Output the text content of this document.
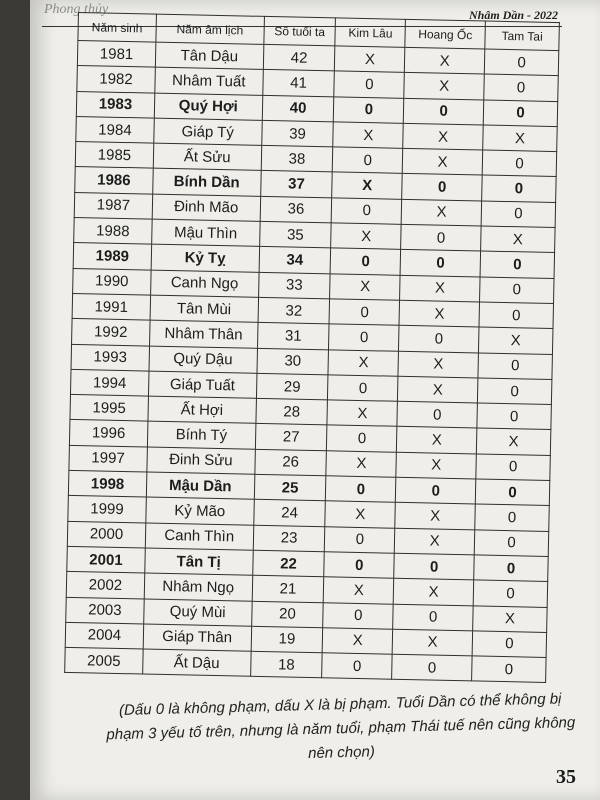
Phong thủy	Nhâm Dần - 2022
Năm sinh	Năm âm lịch	Số tuổi ta	Kim Lâu	Hoang Ốc	Tam Tai
1981	Tân Dậu	42	X	X	0
1982	Nhâm Tuất	41	0	X	0
1983	Quý Hợi	40	0	0	0
1984	Giáp Tý	39	X	X	X
1985	Ất Sửu	38	0	X	0
1986	Bính Dần	37	X	0	0
1987	Đinh Mão	36	0	X	0
1988	Mậu Thìn	35	X	0	X
1989	Kỷ Tỵ	34	0	0	0
1990	Canh Ngọ	33	X	X	0
1991	Tân Mùi	32	0	X	0
1992	Nhâm Thân	31	0	0	X
1993	Quý Dậu	30	X	X	0
1994	Giáp Tuất	29	0	X	0
1995	Ất Hợi	28	X	0	0
1996	Bính Tý	27	0	X	X
1997	Đinh Sửu	26	X	X	0
1998	Mậu Dần	25	0	0	0
1999	Kỷ Mão	24	X	X	0
2000	Canh Thìn	23	0	X	0
2001	Tân Tị	22	0	0	0
2002	Nhâm Ngọ	21	X	X	0
2003	Quý Mùi	20	0	0	X
2004	Giáp Thân	19	X	X	0
2005	Ất Dậu	18	0	0	0
(Dấu 0 là không phạm, dấu X là bị phạm. Tuổi Dần có thể không bị
phạm 3 yếu tố trên, nhưng là năm tuổi, phạm Thái tuế nên cũng không
nên chọn)
35
